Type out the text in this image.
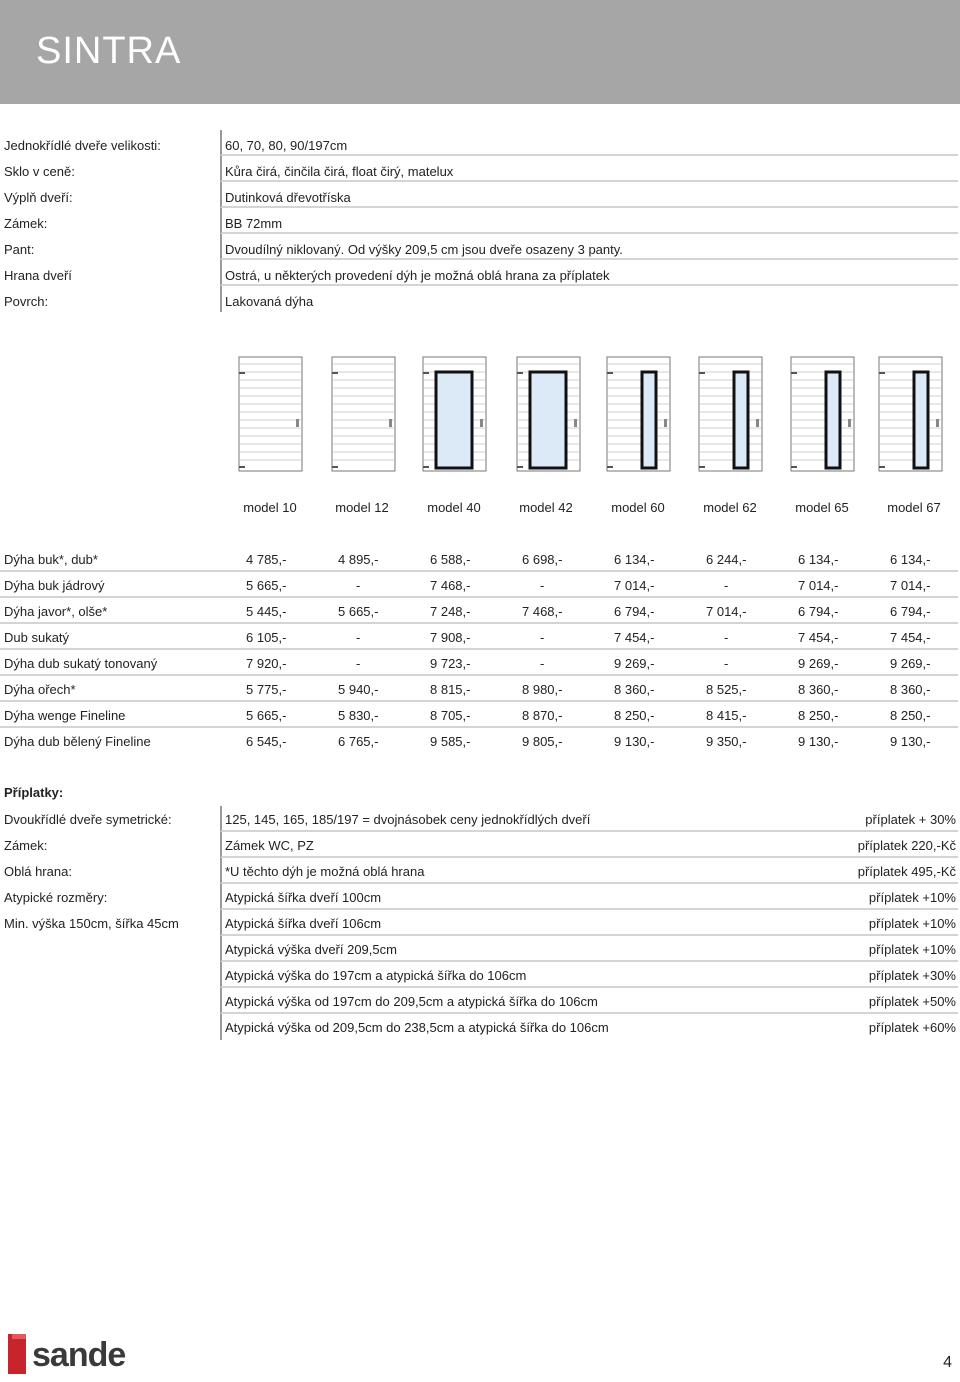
SINTRA
Jednokřídlé dveře velikosti:	60, 70, 80, 90/197cm
Sklo v ceně:	Kůra čirá, činčila čirá, float čirý, matelux
Výplň dveří:	Dutinková dřevotříska
Zámek:	BB 72mm
Pant:	Dvoudílný niklovaný. Od výšky 209,5 cm jsou dveře osazeny 3 panty.
Hrana dveří	Ostrá, u některých provedení dýh je možná oblá hrana za příplatek
Povrch:	Lakovaná dýha
model 10	model 12	model 40	model 42	model 60	model 62	model 65	model 67
Dýha buk*, dub*	4 785,-	4 895,-	6 588,-	6 698,-	6 134,-	6 244,-	6 134,-	6 134,-
Dýha buk jádrový	5 665,-	-	7 468,-	-	7 014,-	-	7 014,-	7 014,-
Dýha javor*, olše*	5 445,-	5 665,-	7 248,-	7 468,-	6 794,-	7 014,-	6 794,-	6 794,-
Dub sukatý	6 105,-	-	7 908,-	-	7 454,-	-	7 454,-	7 454,-
Dýha dub sukatý tonovaný	7 920,-	-	9 723,-	-	9 269,-	-	9 269,-	9 269,-
Dýha ořech*	5 775,-	5 940,-	8 815,-	8 980,-	8 360,-	8 525,-	8 360,-	8 360,-
Dýha wenge Fineline	5 665,-	5 830,-	8 705,-	8 870,-	8 250,-	8 415,-	8 250,-	8 250,-
Dýha dub bělený Fineline	6 545,-	6 765,-	9 585,-	9 805,-	9 130,-	9 350,-	9 130,-	9 130,-
Příplatky:
Dvoukřídlé dveře symetrické:	125, 145, 165, 185/197 = dvojnásobek ceny jednokřídlých dveří	příplatek + 30%
Zámek:	Zámek WC, PZ	příplatek 220,-Kč
Oblá hrana:	*U těchto dýh je možná oblá hrana	příplatek 495,-Kč
Atypické rozměry:	Atypická šířka dveří 100cm	příplatek +10%
Min. výška 150cm, šířka 45cm	Atypická šířka dveří 106cm	příplatek +10%
Atypická výška dveří 209,5cm	příplatek +10%
Atypická výška do 197cm a atypická šířka do 106cm	příplatek +30%
Atypická výška od 197cm do 209,5cm a atypická šířka do 106cm	příplatek +50%
Atypická výška od 209,5cm do 238,5cm a atypická šířka do 106cm	příplatek +60%
sande	4
